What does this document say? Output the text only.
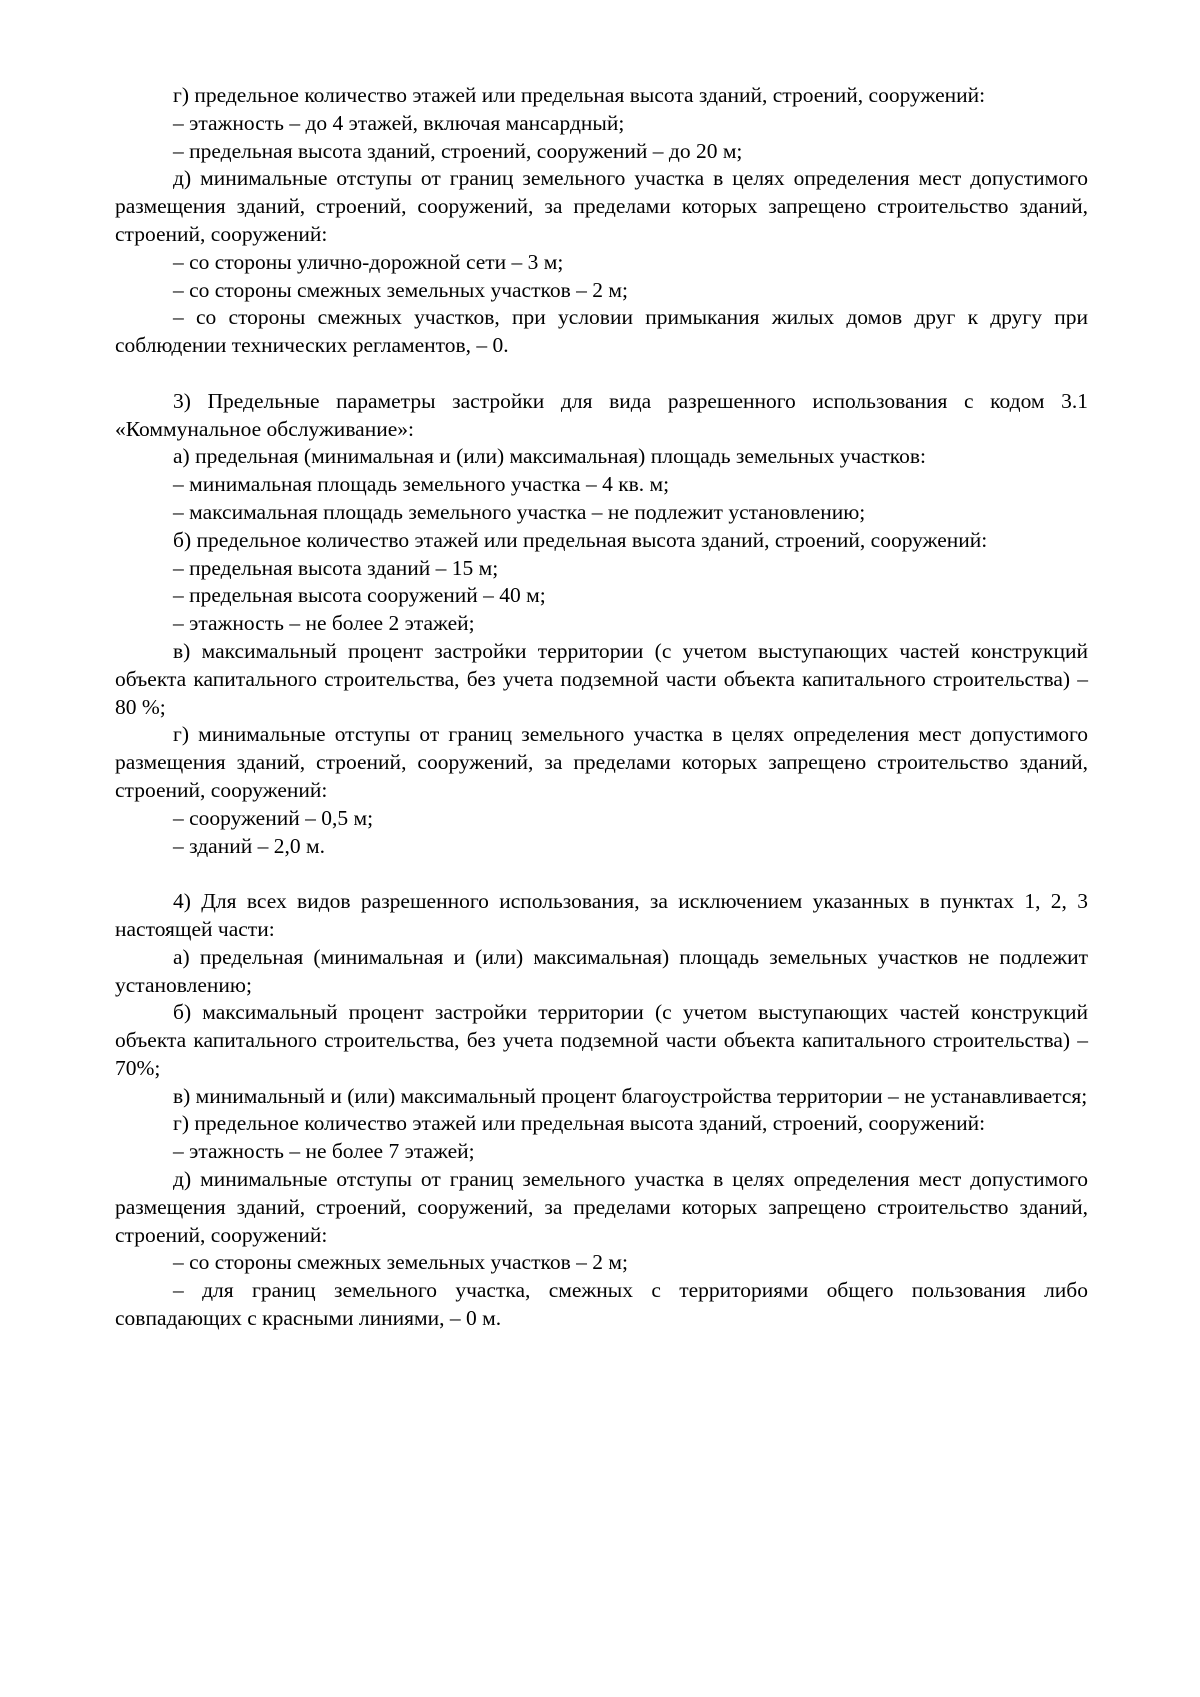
г) предельное количество этажей или предельная высота зданий, строений, сооружений:

– этажность – до 4 этажей, включая мансардный;

– предельная высота зданий, строений, сооружений – до 20 м;

д) минимальные отступы от границ земельного участка в целях определения мест допустимого размещения зданий, строений, сооружений, за пределами которых запрещено строительство зданий, строений, сооружений:

– со стороны улично-дорожной сети – 3 м;

– со стороны смежных земельных участков – 2 м;

– со стороны смежных участков, при условии примыкания жилых домов друг к другу при соблюдении технических регламентов, – 0.

3) Предельные параметры застройки для вида разрешенного использования с кодом 3.1 «Коммунальное обслуживание»:

а) предельная (минимальная и (или) максимальная) площадь земельных участков:

– минимальная площадь земельного участка – 4 кв. м;

– максимальная площадь земельного участка – не подлежит установлению;

б) предельное количество этажей или предельная высота зданий, строений, сооружений:

– предельная высота зданий – 15 м;

– предельная высота сооружений – 40 м;

– этажность – не более 2 этажей;

в) максимальный процент застройки территории (с учетом выступающих частей конструкций объекта капитального строительства, без учета подземной части объекта капитального строительства) – 80 %;

г) минимальные отступы от границ земельного участка в целях определения мест допустимого размещения зданий, строений, сооружений, за пределами которых запрещено строительство зданий, строений, сооружений:

– сооружений – 0,5 м;

– зданий – 2,0 м.

4) Для всех видов разрешенного использования, за исключением указанных в пунктах 1, 2, 3 настоящей части:

а) предельная (минимальная и (или) максимальная) площадь земельных участков не подлежит установлению;

б) максимальный процент застройки территории (с учетом выступающих частей конструкций объекта капитального строительства, без учета подземной части объекта капитального строительства) – 70%;

в) минимальный и (или) максимальный процент благоустройства территории – не устанавливается;

г) предельное количество этажей или предельная высота зданий, строений, сооружений:

– этажность – не более 7 этажей;

д) минимальные отступы от границ земельного участка в целях определения мест допустимого размещения зданий, строений, сооружений, за пределами которых запрещено строительство зданий, строений, сооружений:

– со стороны смежных земельных участков – 2 м;

– для границ земельного участка, смежных с территориями общего пользования либо совпадающих с красными линиями, – 0 м.
